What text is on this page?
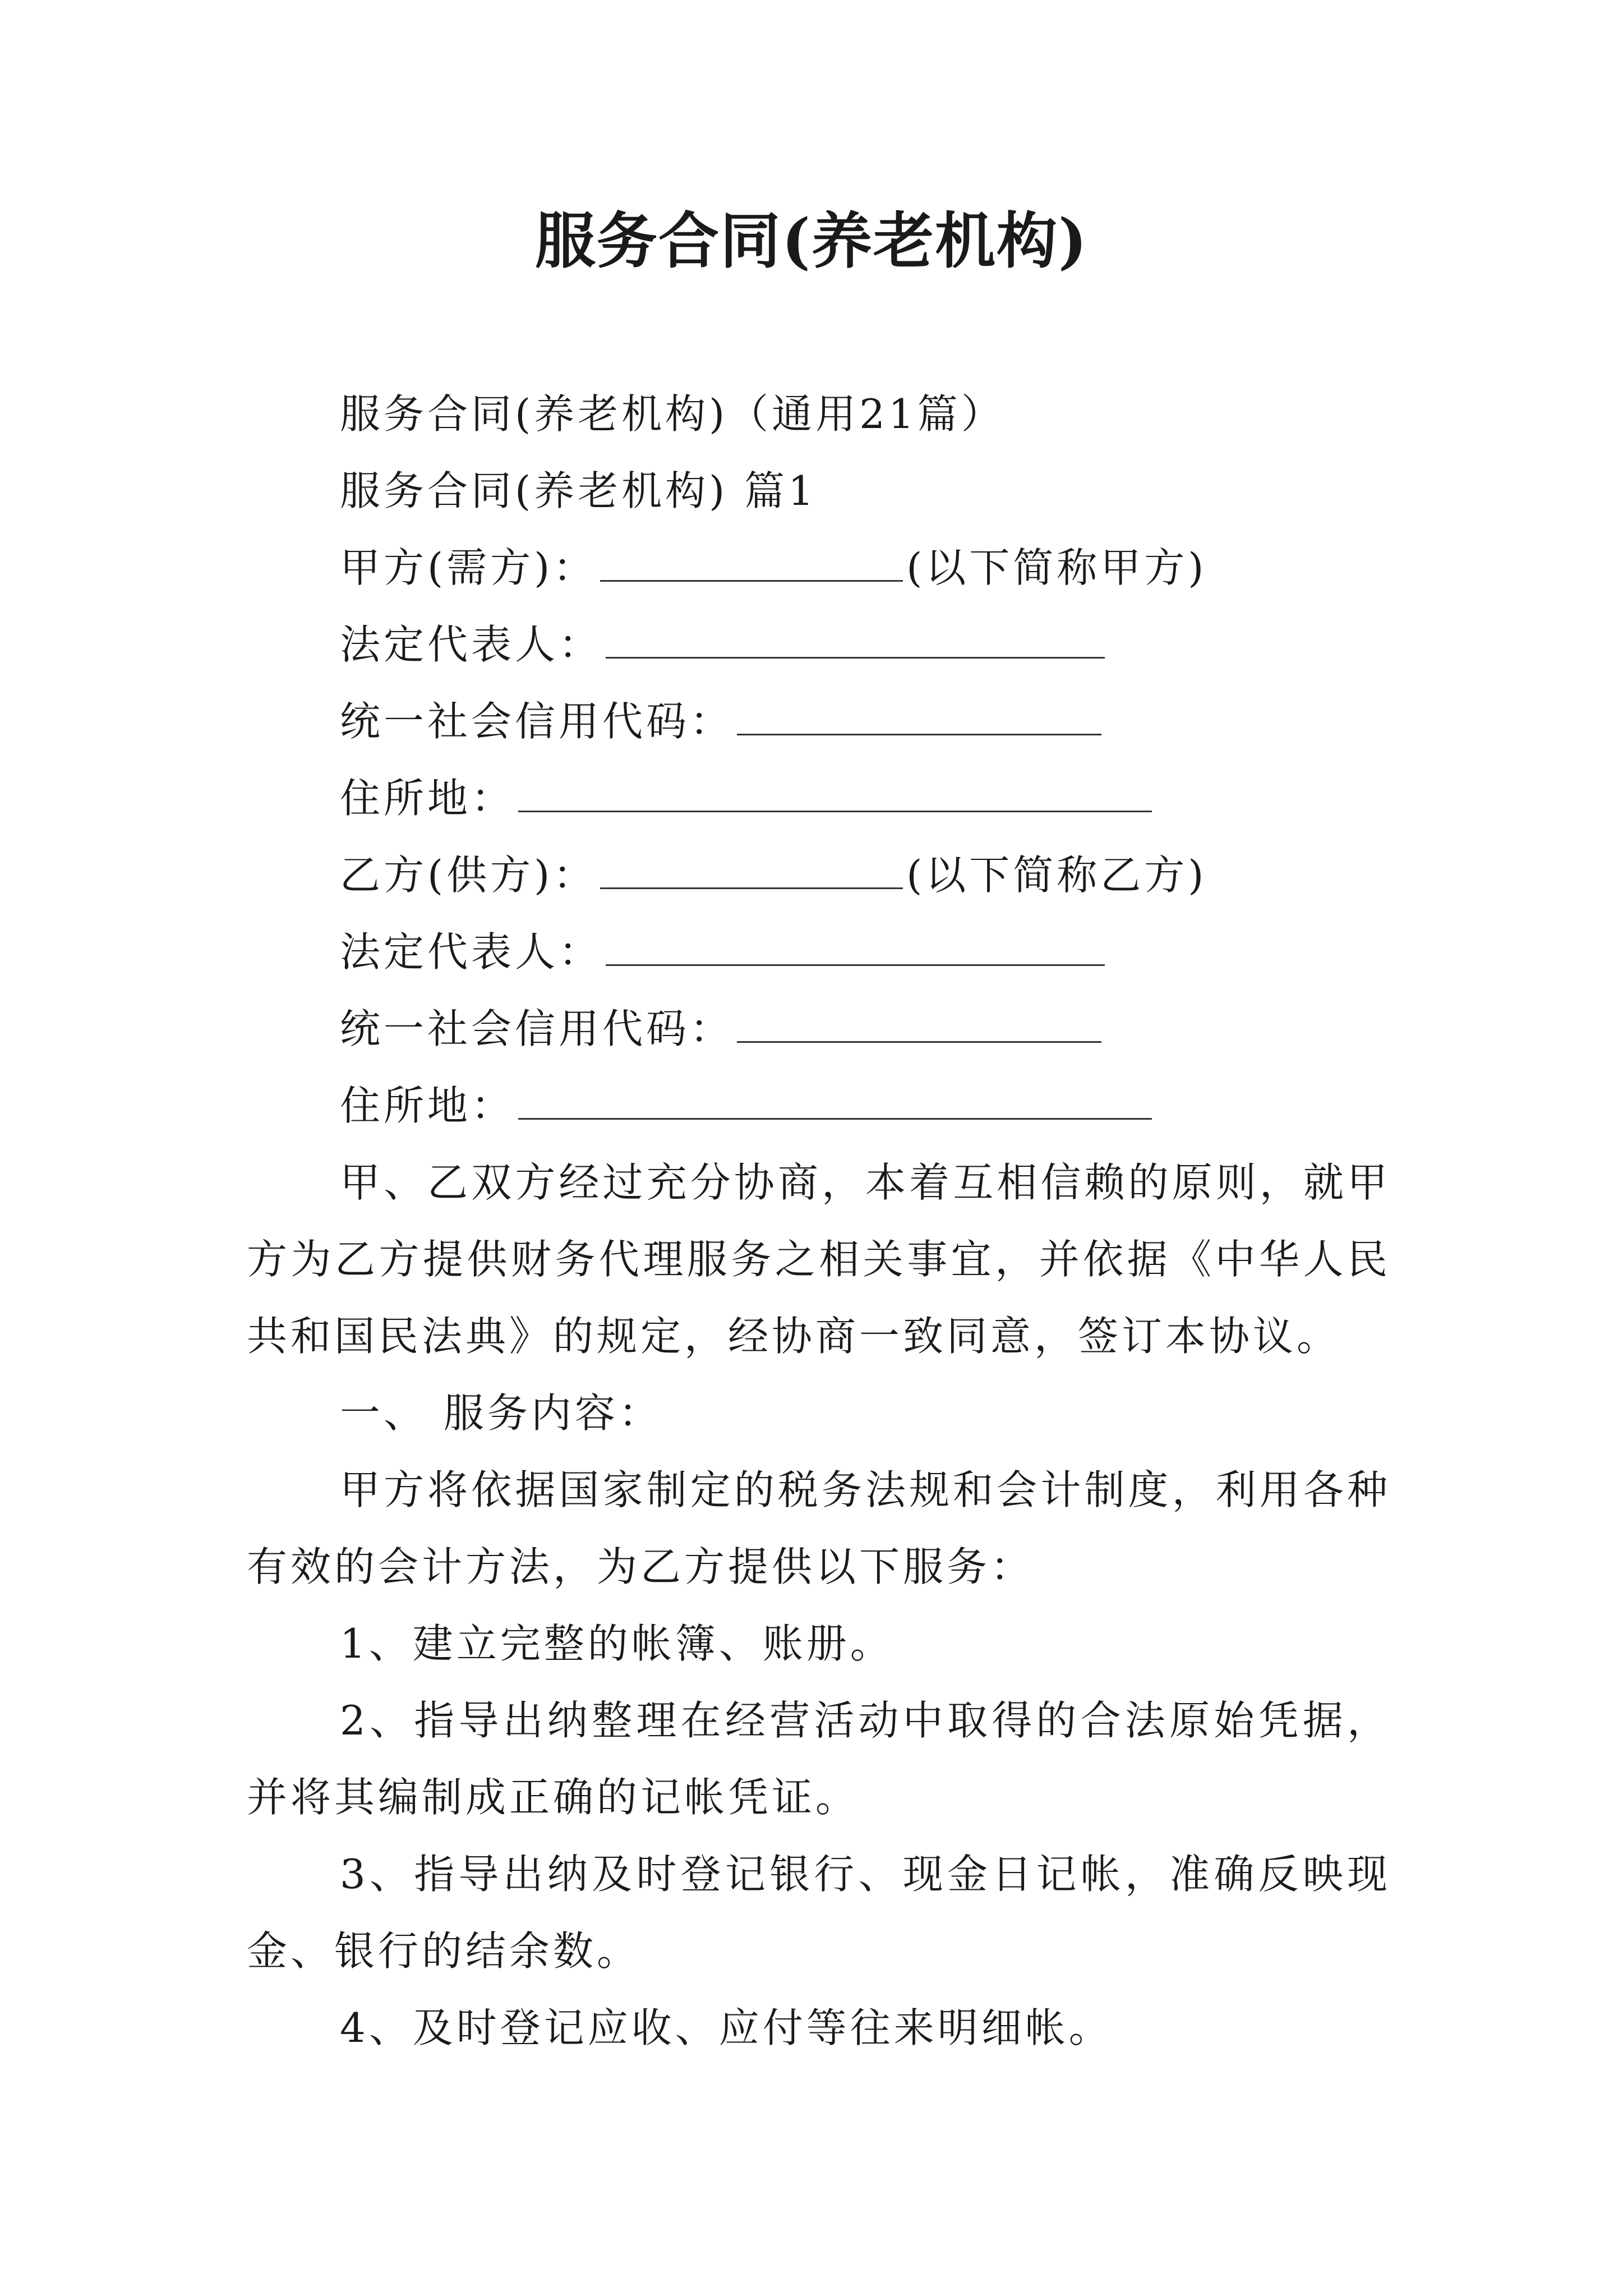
服务合同(养老机构)
服务合同(养老机构)（通用21篇）
服务合同(养老机构) 篇1
甲方(需方)：	(以下简称甲方)
法定代表人：
统一社会信用代码：
住所地：
乙方(供方)：	(以下简称乙方)
法定代表人：
统一社会信用代码：
住所地：
甲、乙双方经过充分协商，本着互相信赖的原则，就甲方为乙方提供财务代理服务之相关事宜，并依据《中华人民共和国民法典》的规定，经协商一致同意，签订本协议。
一、 服务内容：
甲方将依据国家制定的税务法规和会计制度，利用各种有效的会计方法，为乙方提供以下服务：
1、建立完整的帐簿、账册。
2、指导出纳整理在经营活动中取得的合法原始凭据，并将其编制成正确的记帐凭证。
3、指导出纳及时登记银行、现金日记帐，准确反映现金、银行的结余数。
4、及时登记应收、应付等往来明细帐。
